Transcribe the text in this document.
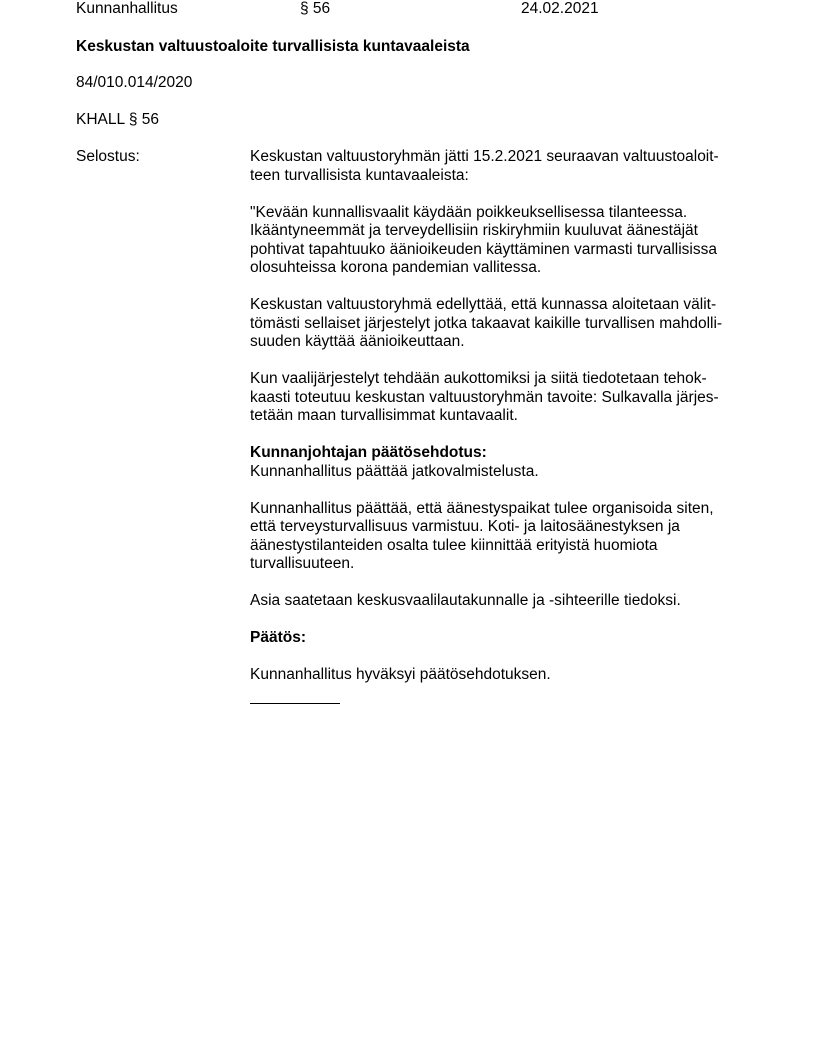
Kunnanhallitus	§ 56	24.02.2021
Keskustan valtuustoaloite turvallisista kuntavaaleista
84/010.014/2020
KHALL § 56
Selostus:	Keskustan valtuustoryhmän jätti 15.2.2021 seuraavan valtuustoaloit-
teen turvallisista kuntavaaleista:

"Kevään kunnallisvaalit käydään poikkeuksellisessa tilanteessa.
Ikääntyneemmät ja terveydellisiin riskiryhmiin kuuluvat äänestäjät
pohtivat tapahtuuko äänioikeuden käyttäminen varmasti turvallisissa
olosuhteissa korona pandemian vallitessa.

Keskustan valtuustoryhmä edellyttää, että kunnassa aloitetaan välit-
tömästi sellaiset järjestelyt jotka takaavat kaikille turvallisen mahdolli-
suuden käyttää äänioikeuttaan.

Kun vaalijärjestelyt tehdään aukottomiksi ja siitä tiedotetaan tehok-
kaasti toteutuu keskustan valtuustoryhmän tavoite: Sulkavalla järjes-
tetään maan turvallisimmat kuntavaalit.

Kunnanjohtajan päätösehdotus:
Kunnanhallitus päättää jatkovalmistelusta.

Kunnanhallitus päättää, että äänestyspaikat tulee organisoida siten,
että terveysturvallisuus varmistuu. Koti- ja laitosäänestyksen ja
äänestystilanteiden osalta tulee kiinnittää erityistä huomiota
turvallisuuteen.

Asia saatetaan keskusvaalilautakunnalle ja -sihteerille tiedoksi.

Päätös:

Kunnanhallitus hyväksyi päätösehdotuksen.
